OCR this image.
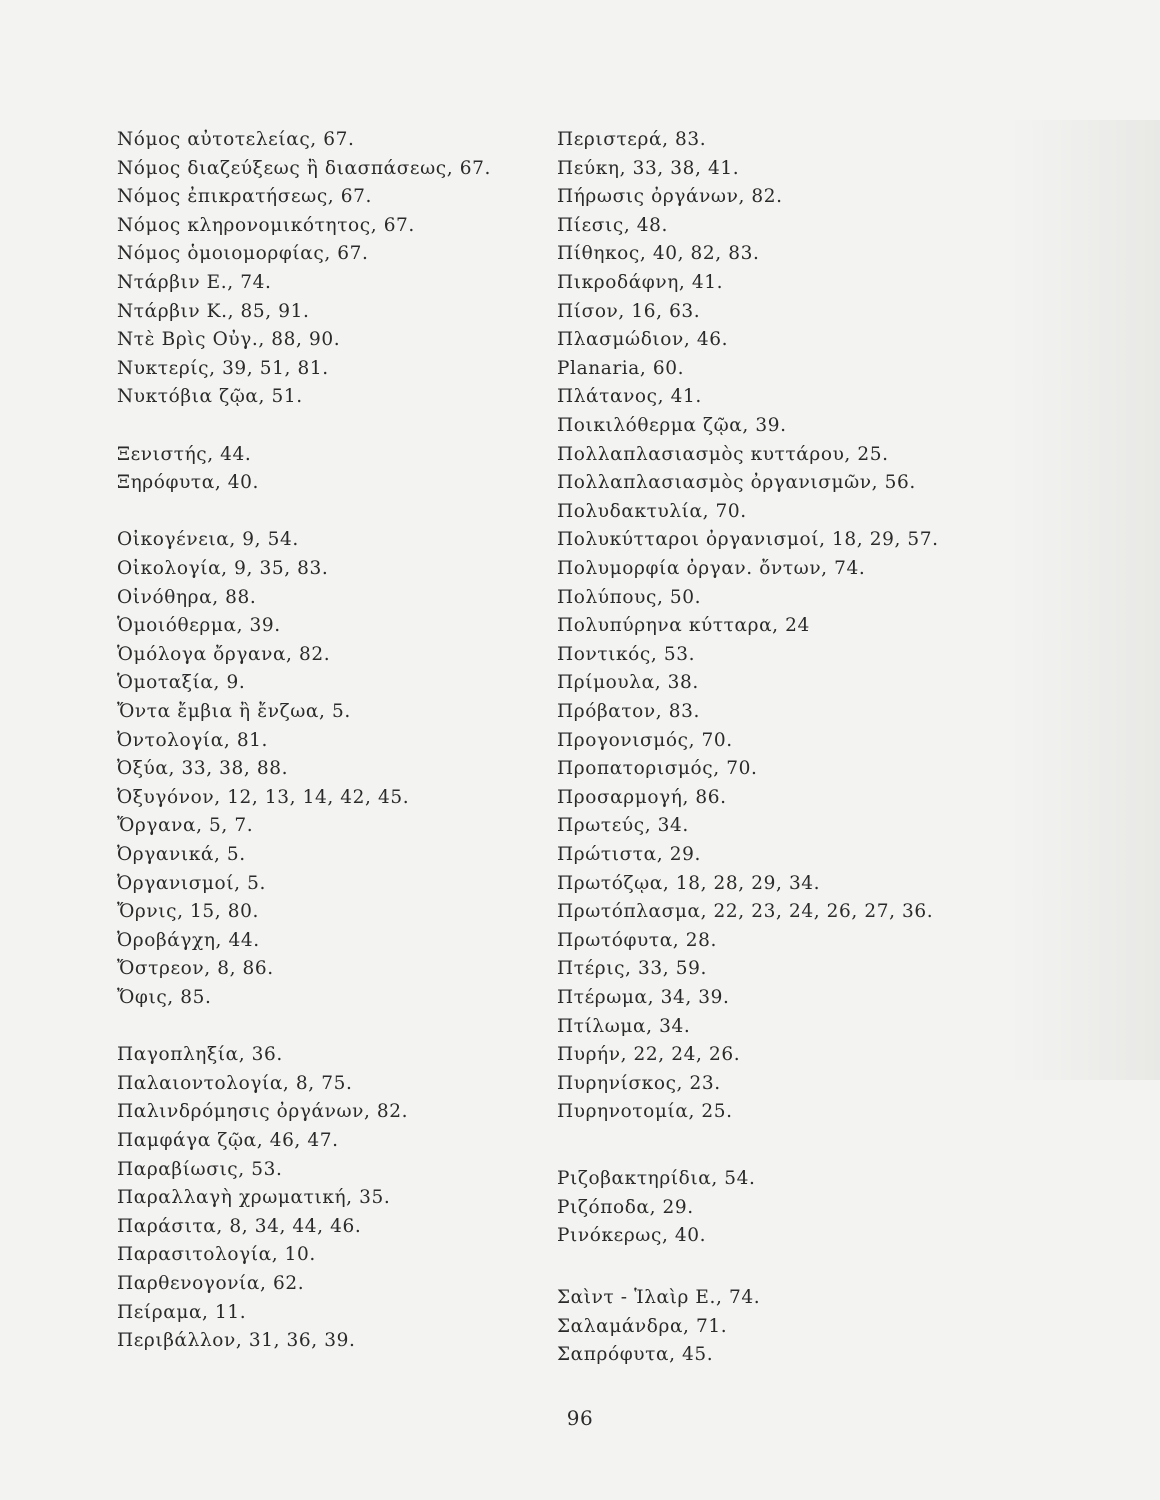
Νόμος αὐτοτελείας, 67.
Νόμος διαζεύξεως ἢ διασπάσεως, 67.
Νόμος ἐπικρατήσεως, 67.
Νόμος κληρονομικότητος, 67.
Νόμος ὁμοιομορφίας, 67.
Ντάρβιν Ε., 74.
Ντάρβιν Κ., 85, 91.
Ντὲ Βρὶς Οὐγ., 88, 90.
Νυκτερίς, 39, 51, 81.
Νυκτόβια ζῷα, 51.
Ξενιστής, 44.
Ξηρόφυτα, 40.
Οἰκογένεια, 9, 54.
Οἰκολογία, 9, 35, 83.
Οἰνόθηρα, 88.
Ὁμοιόθερμα, 39.
Ὁμόλογα ὄργανα, 82.
Ὁμοταξία, 9.
Ὄντα ἔμβια ἢ ἔνζωα, 5.
Ὀντολογία, 81.
Ὀξύα, 33, 38, 88.
Ὀξυγόνον, 12, 13, 14, 42, 45.
Ὄργανα, 5, 7.
Ὀργανικά, 5.
Ὀργανισμοί, 5.
Ὄρνις, 15, 80.
Ὀροβάγχη, 44.
Ὄστρεον, 8, 86.
Ὄφις, 85.
Παγοπληξία, 36.
Παλαιοντολογία, 8, 75.
Παλινδρόμησις ὀργάνων, 82.
Παμφάγα ζῷα, 46, 47.
Παραβίωσις, 53.
Παραλλαγὴ χρωματική, 35.
Παράσιτα, 8, 34, 44, 46.
Παρασιτολογία, 10.
Παρθενογονία, 62.
Πείραμα, 11.
Περιβάλλον, 31, 36, 39.
Περιστερά, 83.
Πεύκη, 33, 38, 41.
Πήρωσις ὀργάνων, 82.
Πίεσις, 48.
Πίθηκος, 40, 82, 83.
Πικροδάφνη, 41.
Πίσον, 16, 63.
Πλασμώδιον, 46.
Planaria, 60.
Πλάτανος, 41.
Ποικιλόθερμα ζῷα, 39.
Πολλαπλασιασμὸς κυττάρου, 25.
Πολλαπλασιασμὸς ὀργανισμῶν, 56.
Πολυδακτυλία, 70.
Πολυκύτταροι ὀργανισμοί, 18, 29, 57.
Πολυμορφία ὀργαν. ὄντων, 74.
Πολύπους, 50.
Πολυπύρηνα κύτταρα, 24
Ποντικός, 53.
Πρίμουλα, 38.
Πρόβατον, 83.
Προγονισμός, 70.
Προπατορισμός, 70.
Προσαρμογή, 86.
Πρωτεύς, 34.
Πρώτιστα, 29.
Πρωτόζῳα, 18, 28, 29, 34.
Πρωτόπλασμα, 22, 23, 24, 26, 27, 36.
Πρωτόφυτα, 28.
Πτέρις, 33, 59.
Πτέρωμα, 34, 39.
Πτίλωμα, 34.
Πυρήν, 22, 24, 26.
Πυρηνίσκος, 23.
Πυρηνοτομία, 25.
Ριζοβακτηρίδια, 54.
Ριζόποδα, 29.
Ρινόκερως, 40.
Σαὶντ - Ἱλαὶρ Ε., 74.
Σαλαμάνδρα, 71.
Σαπρόφυτα, 45.
96
